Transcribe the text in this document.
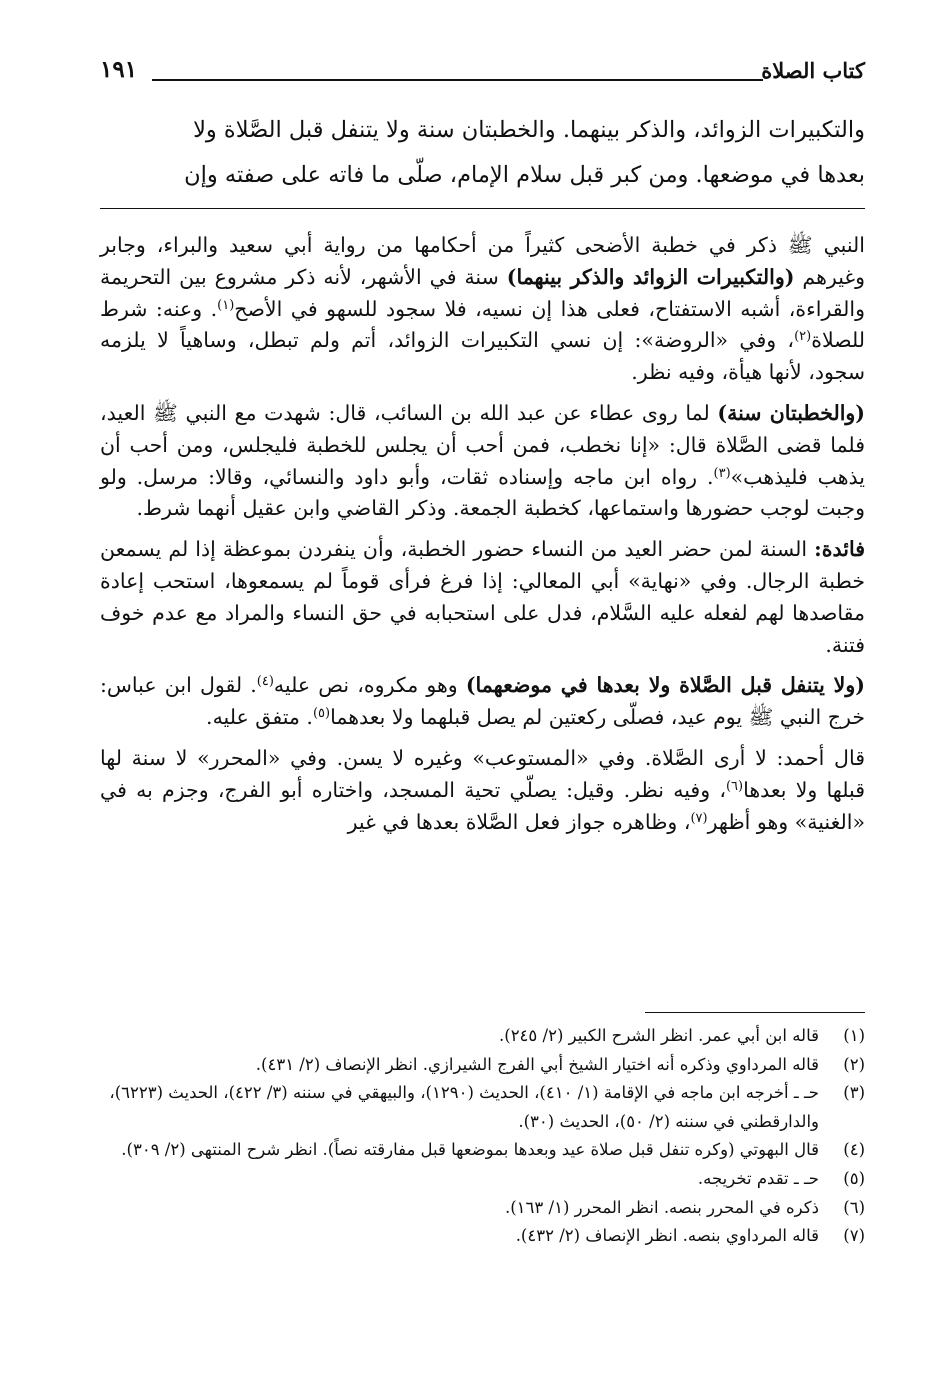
كتاب الصلاة
١٩١

والتكبيرات الزوائد، والذكر بينهما. والخطبتان سنة ولا يتنفل قبل الصَّلاة ولا

بعدها في موضعها. ومن كبر قبل سلام الإمام، صلّى ما فاته على صفته وإن

النبي ﷺ ذكر في خطبة الأضحى كثيراً من أحكامها من رواية أبي سعيد والبراء، وجابر وغيرهم (والتكبيرات الزوائد والذكر بينهما) سنة في الأشهر، لأنه ذكر مشروع بين التحريمة والقراءة، أشبه الاستفتاح، فعلى هذا إن نسيه، فلا سجود للسهو في الأصح$^{(١)}$. وعنه: شرط للصلاة$^{(٢)}$، وفي «الروضة»: إن نسي التكبيرات الزوائد، أتم ولم تبطل، وساهياً لا يلزمه سجود، لأنها هيأة، وفيه نظر.

(والخطبتان سنة) لما روى عطاء عن عبد الله بن السائب، قال: شهدت مع النبي ﷺ العيد، فلما قضى الصَّلاة قال: «إنا نخطب، فمن أحب أن يجلس للخطبة فليجلس، ومن أحب أن يذهب فليذهب»$^{(٣)}$. رواه ابن ماجه وإسناده ثقات، وأبو داود والنسائي، وقالا: مرسل. ولو وجبت لوجب حضورها واستماعها، كخطبة الجمعة. وذكر القاضي وابن عقيل أنهما شرط.

فائدة: السنة لمن حضر العيد من النساء حضور الخطبة، وأن ينفردن بموعظة إذا لم يسمعن خطبة الرجال. وفي «نهاية» أبي المعالي: إذا فرغ فرأى قوماً لم يسمعوها، استحب إعادة مقاصدها لهم لفعله عليه السَّلام، فدل على استحبابه في حق النساء والمراد مع عدم خوف فتنة.

(ولا يتنفل قبل الصَّلاة ولا بعدها في موضعهما) وهو مكروه، نص عليه$^{(٤)}$. لقول ابن عباس: خرج النبي ﷺ يوم عيد، فصلّى ركعتين لم يصل قبلهما ولا بعدهما$^{(٥)}$. متفق عليه.

قال أحمد: لا أرى الصَّلاة. وفي «المستوعب» وغيره لا يسن. وفي «المحرر» لا سنة لها قبلها ولا بعدها$^{(٦)}$، وفيه نظر. وقيل: يصلّي تحية المسجد، واختاره أبو الفرج، وجزم به في «الغنية» وهو أظهر$^{(٧)}$، وظاهره جواز فعل الصَّلاة بعدها في غير

(١)
قاله ابن أبي عمر. انظر الشرح الكبير (٢/ ٢٤٥).
(٢)
قاله المرداوي وذكره أنه اختيار الشيخ أبي الفرج الشيرازي. انظر الإنصاف (٢/ ٤٣١).
(٣)
حـ ـ أخرجه ابن ماجه في الإقامة (١/ ٤١٠)، الحديث (١٢٩٠)، والبيهقي في سننه (٣/ ٤٢٢)، الحديث (٦٢٢٣)، والدارقطني في سننه (٢/ ٥٠)، الحديث (٣٠).
(٤)
قال البهوتي (وكره تنفل قبل صلاة عيد وبعدها بموضعها قبل مفارقته نصاً). انظر شرح المنتهى (٢/ ٣٠٩).
(٥)
حـ ـ تقدم تخريجه.
(٦)
ذكره في المحرر بنصه. انظر المحرر (١/ ١٦٣).
(٧)
قاله المرداوي بنصه. انظر الإنصاف (٢/ ٤٣٢).
